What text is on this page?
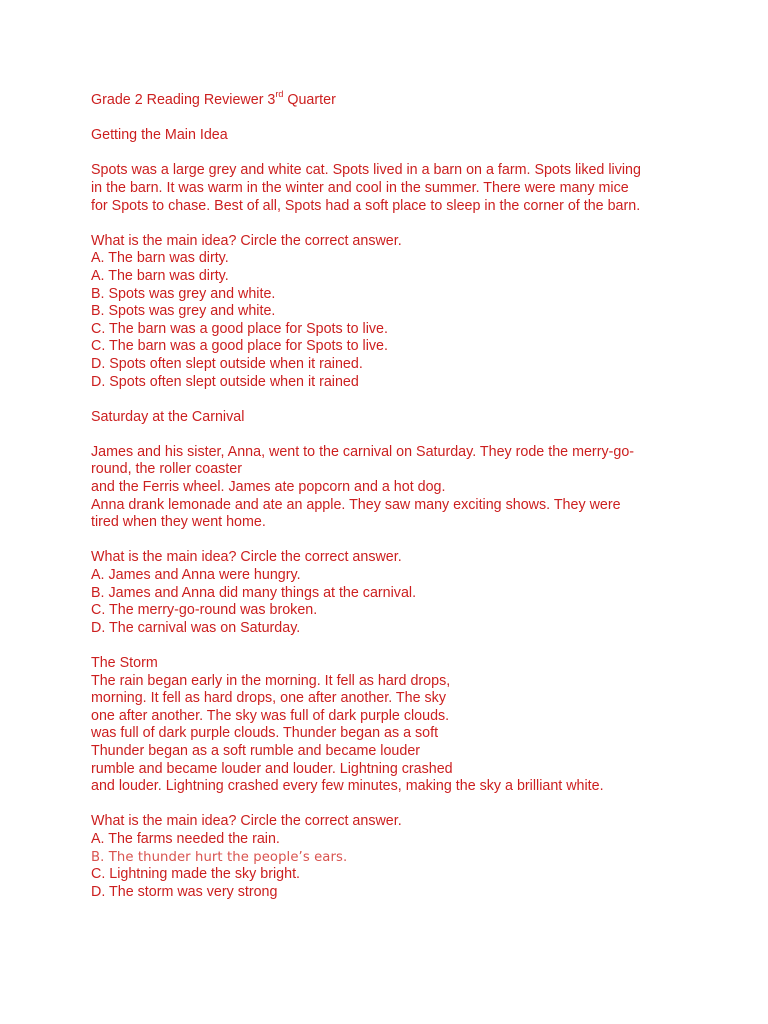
Grade 2 Reading Reviewer 3rd Quarter
Getting the Main Idea
Spots was a large grey and white cat. Spots lived in a barn on a farm. Spots liked living
in the barn. It was warm in the winter and cool in the summer. There were many mice
for Spots to chase. Best of all, Spots had a soft place to sleep in the corner of the barn.
What is the main idea? Circle the correct answer.
A. The barn was dirty.
A. The barn was dirty.
B. Spots was grey and white.
B. Spots was grey and white.
C. The barn was a good place for Spots to live.
C. The barn was a good place for Spots to live.
D. Spots often slept outside when it rained.
D. Spots often slept outside when it rained
Saturday at the Carnival
James and his sister, Anna, went to the carnival on Saturday. They rode the merry-go-
round, the roller coaster
and the Ferris wheel. James ate popcorn and a hot dog.
Anna drank lemonade and ate an apple. They saw many exciting shows. They were
tired when they went home.
What is the main idea? Circle the correct answer.
A. James and Anna were hungry.
B. James and Anna did many things at the carnival.
C. The merry-go-round was broken.
D. The carnival was on Saturday.
The Storm
The rain began early in the morning. It fell as hard drops,
morning. It fell as hard drops, one after another. The sky
one after another. The sky was full of dark purple clouds.
was full of dark purple clouds. Thunder began as a soft
Thunder began as a soft rumble and became louder
rumble and became louder and louder. Lightning crashed
and louder. Lightning crashed every few minutes, making the sky a brilliant white.
What is the main idea? Circle the correct answer.
A. The farms needed the rain.
B. The thunder hurt the people’s ears.
C. Lightning made the sky bright.
D. The storm was very strong
